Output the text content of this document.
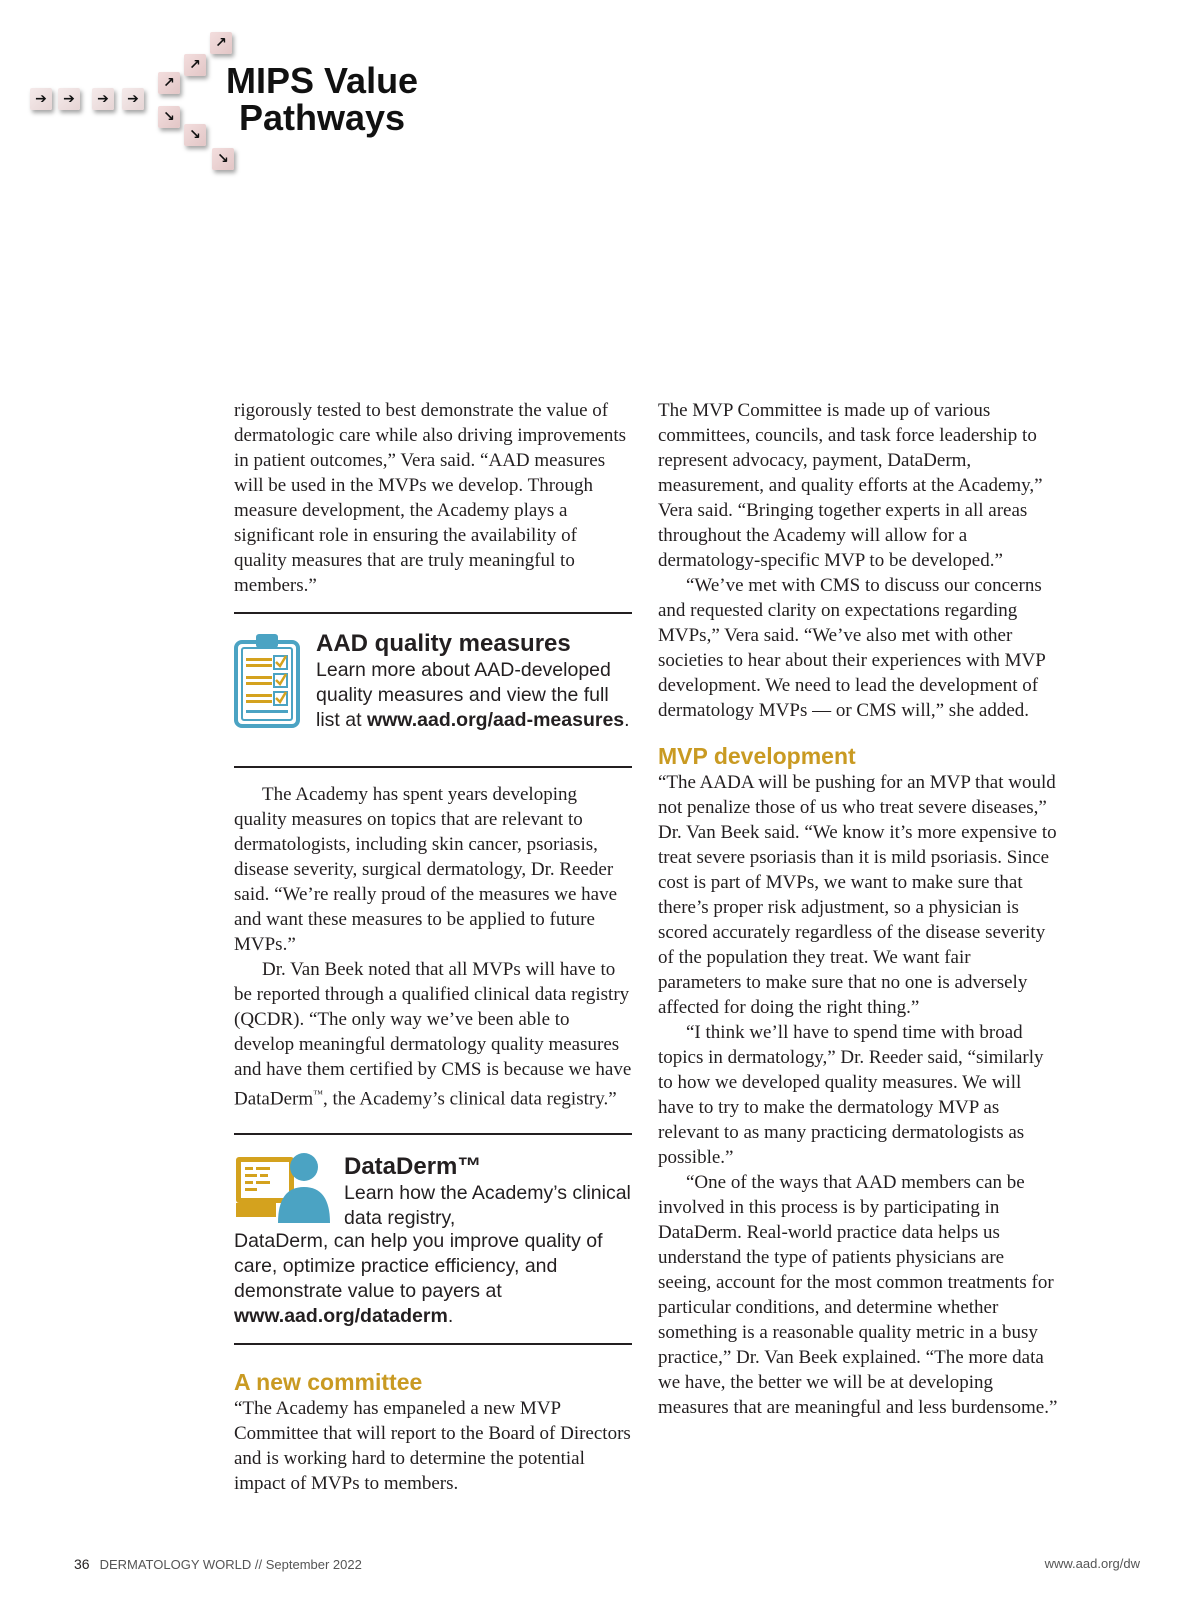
➔	➔	➔	➔
↗
↗
↗
↘
↘
↘
MIPS Value
Pathways

rigorously tested to best demonstrate the value of dermatologic care while also driving improvements in patient outcomes,” Vera said. “AAD measures will be used in the MVPs we develop. Through measure development, the Academy plays a significant role in ensuring the availability of quality measures that are truly meaningful to members.”

AAD quality measures
Learn more about AAD-developed quality measures and view the full list at www.aad.org/aad-measures.

The Academy has spent years developing quality measures on topics that are relevant to dermatologists, including skin cancer, psoriasis, disease severity, surgical dermatology, Dr. Reeder said. “We’re really proud of the measures we have and want these measures to be applied to future MVPs.”

Dr. Van Beek noted that all MVPs will have to be reported through a qualified clinical data registry (QCDR). “The only way we’ve been able to develop meaningful dermatology quality measures and have them certified by CMS is because we have DataDerm™, the Academy’s clinical data registry.”

DataDerm™
Learn how the Academy’s clinical data registry,
DataDerm, can help you improve quality of care, optimize practice efficiency, and demonstrate value to payers at www.aad.org/dataderm.
A new committee

“The Academy has empaneled a new MVP Committee that will report to the Board of Directors and is working hard to determine the potential impact of MVPs to members.

The MVP Committee is made up of various committees, councils, and task force leadership to represent advocacy, payment, DataDerm, measurement, and quality efforts at the Academy,” Vera said. “Bringing together experts in all areas throughout the Academy will allow for a dermatology-specific MVP to be developed.”

“We’ve met with CMS to discuss our concerns and requested clarity on expectations regarding MVPs,” Vera said. “We’ve also met with other societies to hear about their experiences with MVP development. We need to lead the development of dermatology MVPs — or CMS will,” she added.

MVP development

“The AADA will be pushing for an MVP that would not penalize those of us who treat severe diseases,” Dr. Van Beek said. “We know it’s more expensive to treat severe psoriasis than it is mild psoriasis. Since cost is part of MVPs, we want to make sure that there’s proper risk adjustment, so a physician is scored accurately regardless of the disease severity of the population they treat. We want fair parameters to make sure that no one is adversely affected for doing the right thing.”

“I think we’ll have to spend time with broad topics in dermatology,” Dr. Reeder said, “similarly to how we developed quality measures. We will have to try to make the dermatology MVP as relevant to as many practicing dermatologists as possible.”

“One of the ways that AAD members can be involved in this process is by participating in DataDerm. Real-world practice data helps us understand the type of patients physicians are seeing, account for the most common treatments for particular conditions, and determine whether something is a reasonable quality metric in a busy practice,” Dr. Van Beek explained. “The more data we have, the better we will be at developing measures that are meaningful and less burdensome.”

36 DERMATOLOGY WORLD // September 2022	www.aad.org/dw
